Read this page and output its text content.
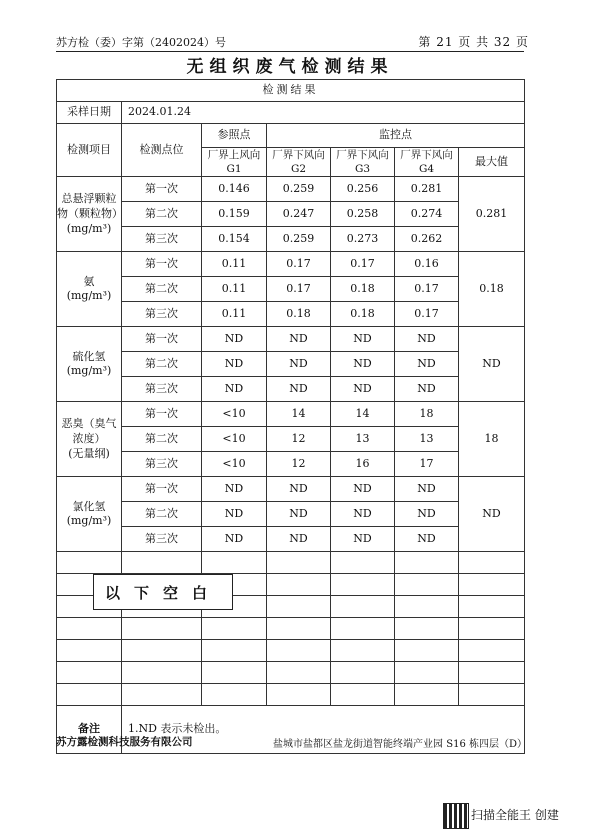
苏方检（委）字第（2402024）号	第 21 页 共 32 页
无组织废气检测结果
检测结果						
采样日期	2024.01.24					
检测项目	检测点位	参照点	监控点			
		厂界上风向 G1	厂界下风向 G2	厂界下风向 G3	厂界下风向 G4	最大值

总悬浮颗粒物（颗粒物）
(mg/m³)	第一次	0.146	0.259	0.256	0.281	0.281
	第二次	0.159	0.247	0.258	0.274	
	第三次	0.154	0.259	0.273	0.262	

氨
(mg/m³)	第一次	0.11	0.17	0.17	0.16	0.18
	第二次	0.11	0.17	0.18	0.17	
	第三次	0.11	0.18	0.18	0.17	

硫化氢
(mg/m³)	第一次	ND	ND	ND	ND	ND
	第二次	ND	ND	ND	ND	
	第三次	ND	ND	ND	ND	

恶臭（臭气浓度）
(无量纲)	第一次	<10	14	14	18	18
	第二次	<10	12	13	13	
	第三次	<10	12	16	17	

氯化氢
(mg/m³)	第一次	ND	ND	ND	ND	ND
	第二次	ND	ND	ND	ND	
	第三次	ND	ND	ND	ND	

备注	1.ND 表示未检出。					
以下空白
苏方露检测科技服务有限公司	盐城市盐都区盐龙街道智能终端产业园 S16 栋四层（D）
扫描全能王 创建
